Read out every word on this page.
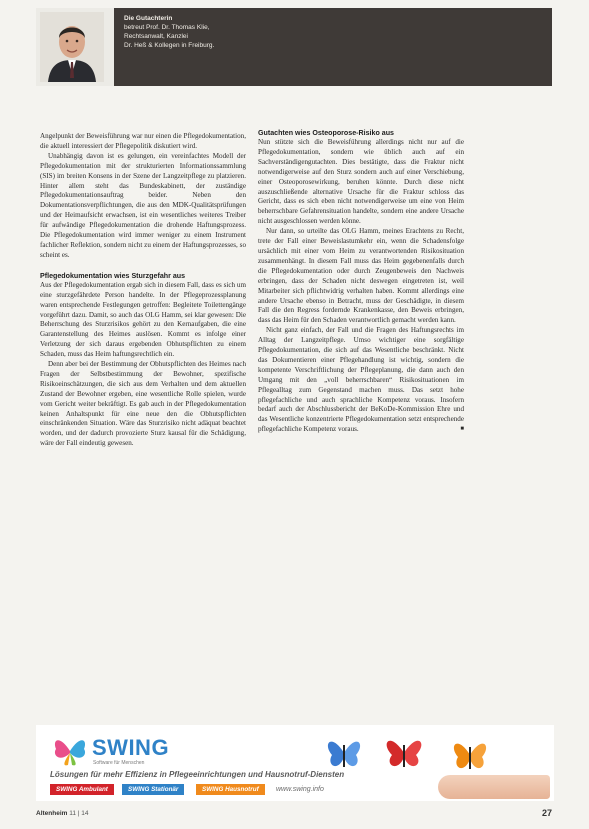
Die Gutachterin
betreut Prof. Dr. Thomas Klie,
Rechtsanwalt, Kanzlei
Dr. Heß & Kollegen in Freiburg.

Angelpunkt der Beweisführung war nur einen die Pflegedokumentation, die aktuell interessiert der Pflegepolitik diskutiert wird.

Unabhängig davon ist es gelungen, ein vereinfachtes Modell der Pflegedokumentation mit der strukturierten Informationssammlung (SIS) im breiten Konsens in der Szene der Langzeitpflege zu platzieren. Hinter allem steht das Bundeskabinett, der zuständige Pflegedokumentationsauftrag beider. Neben den Dokumentationsverpflichtungen, die aus den MDK-Qualitätsprüfungen und der Heimaufsicht erwachsen, ist ein wesentliches weiteres Treiber für aufwändige Pflegedokumentation die drohende Haftungsprozess. Die Pflegedokumentation wird immer weniger zu einem Instrument fachlicher Reflektion, sondern nicht zu einem der Haftungsprozesses, so scheint es.

Pflegedokumentation wies Sturzgefahr aus

Aus der Pflegedokumentation ergab sich in diesem Fall, dass es sich um eine sturzgefährdete Person handelte. In der Pflegeprozessplanung waren entsprechende Festlegungen getroffen: Begleitete Toilettengänge vorgeführt dazu. Damit, so auch das OLG Hamm, sei klar gewesen: Die Beherrschung des Sturzrisikos gehört zu den Kernaufgaben, die eine Garantenstellung des Heimes auslösen. Kommt es infolge einer Verletzung der sich daraus ergebenden Obhutspflichten zu einem Schaden, muss das Heim haftungsrechtlich ein.

Denn aber bei der Bestimmung der Obhutspflichten des Heimes nach Fragen der Selbstbestimmung der Bewohner, spezifische Risikoeinschätzungen, die sich aus dem Verhalten und dem aktuellen Zustand der Bewohner ergeben, eine wesentliche Rolle spielen, wurde vom Gericht weiter bekräftigt. Es gab auch in der Pflegedokumentation keinen Anhaltspunkt für eine neue den die Obhutspflichten einschränkenden Situation. Wäre das Sturzrisiko nicht adäquat beachtet worden, und der dadurch provozierte Sturz kausal für die Schädigung, wäre der Fall eindeutig gewesen.

Gutachten wies Osteoporose-Risiko aus

Nun stützte sich die Beweisführung allerdings nicht nur auf die Pflegedokumentation, sondern wie üblich auch auf ein Sachverständigengutachten. Dies bestätigte, dass die Fraktur nicht notwendigerweise auf den Sturz sondern auch auf einer Verschiebung, einer Osteoporosewirkung, beruhen könnte. Durch diese nicht auszuschließende alternative Ursache für die Fraktur schloss das Gericht, dass es sich eben nicht notwendigerweise um eine von Heim beherrschbare Gefahrensituation handelte, sondern eine andere Ursache nicht ausgeschlossen werden könne.

Nur dann, so urteilte das OLG Hamm, meines Erachtens zu Recht, trete der Fall einer Beweislastumkehr ein, wenn die Schadensfolge ursächlich mit einer vom Heim zu verantwortenden Risikosituation zusammenhängt. In diesem Fall muss das Heim gegebenenfalls durch die Pflegedokumentation oder durch Zeugenbeweis den Nachweis erbringen, dass der Schaden nicht deswegen eingetreten ist, weil Mitarbeiter sich pflichtwidrig verhalten haben. Kommt allerdings eine andere Ursache ebenso in Betracht, muss der Geschädigte, in diesem Fall die den Regress fordernde Krankenkasse, den Beweis erbringen, dass das Heim für den Schaden verantwortlich gemacht werden kann.

Nicht ganz einfach, der Fall und die Fragen des Haftungsrechts im Alltag der Langzeitpflege. Umso wichtiger eine sorgfältige Pflegedokumentation, die sich auf das Wesentliche beschränkt. Nicht das Dokumentieren einer Pflegehandlung ist wichtig, sondern die kompetente Verschriftlichung der Pflegeplanung, die dann auch den Umgang mit den „voll beherrschbaren“ Risikosituationen im Pflegealltag zum Gegenstand machen muss. Das setzt hohe pflegefachliche und auch sprachliche Kompetenz voraus. Insofern bedarf auch der Abschlussbericht der BeKoDe-Kommission Ehre und das Wesentliche konzentrierte Pflegedokumentation setzt entsprechende pflegefachliche Kompetenz voraus.	■

SWING
Software für Menschen
Lösungen für mehr Effizienz in Pflegeeinrichtungen und Hausnotruf-Diensten
SWING Ambulant	SWING Stationär	SWING Hausnotruf	www.swing.info
Altenheim 11 | 14	27
